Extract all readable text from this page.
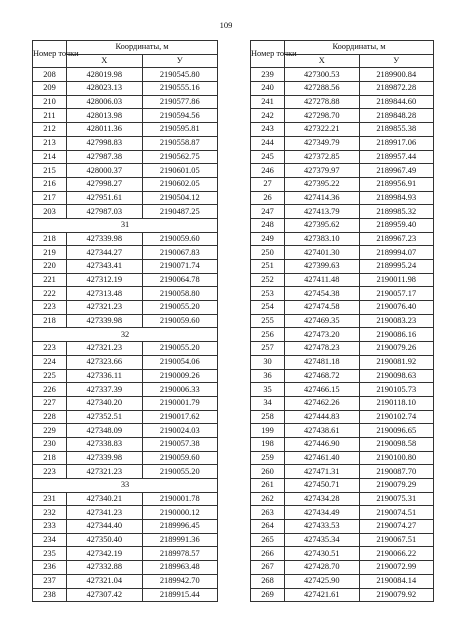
109
Номер точки	Координаты, м	
	X	У
208	428019.98	2190545.80
209	428023.13	2190555.16
210	428006.03	2190577.86
211	428013.98	2190594.56
212	428011.36	2190595.81
213	427998.83	2190558.87
214	427987.38	2190562.75
215	428000.37	2190601.05
216	427998.27	2190602.05
217	427951.61	2190504.12
203	427987.03	2190487.25
31		
218	427339.98	2190059.60
219	427344.27	2190067.83
220	427343.41	2190071.74
221	427312.19	2190064.78
222	427313.48	2190058.80
223	427321.23	2190055.20
218	427339.98	2190059.60
32		
223	427321.23	2190055.20
224	427323.66	2190054.06
225	427336.11	2190009.26
226	427337.39	2190006.33
227	427340.20	2190001.79
228	427352.51	2190017.62
229	427348.09	2190024.03
230	427338.83	2190057.38
218	427339.98	2190059.60
223	427321.23	2190055.20
33		
231	427340.21	2190001.78
232	427341.23	2190000.12
233	427344.40	2189996.45
234	427350.40	2189991.36
235	427342.19	2189978.57
236	427332.88	2189963.48
237	427321.04	2189942.70
238	427307.42	2189915.44
Номер точки	Координаты, м	
	X	У
239	427300.53	2189900.84
240	427288.56	2189872.28
241	427278.88	2189844.60
242	427298.70	2189848.28
243	427322.21	2189855.38
244	427349.79	2189917.06
245	427372.85	2189957.44
246	427379.97	2189967.49
27	427395.22	2189956.91
26	427414.36	2189984.93
247	427413.79	2189985.32
248	427395.62	2189959.40
249	427383.10	2189967.23
250	427401.30	2189994.07
251	427399.63	2189995.24
252	427411.48	2190011.98
253	427454.38	2190057.17
254	427474.58	2190076.40
255	427469.35	2190083.23
256	427473.20	2190086.16
257	427478.23	2190079.26
30	427481.18	2190081.92
36	427468.72	2190098.63
35	427466.15	2190105.73
34	427462.26	2190118.10
258	427444.83	2190102.74
199	427438.61	2190096.65
198	427446.90	2190098.58
259	427461.40	2190100.80
260	427471.31	2190087.70
261	427450.71	2190079.29
262	427434.28	2190075.31
263	427434.49	2190074.51
264	427433.53	2190074.27
265	427435.34	2190067.51
266	427430.51	2190066.22
267	427428.70	2190072.99
268	427425.90	2190084.14
269	427421.61	2190079.92
